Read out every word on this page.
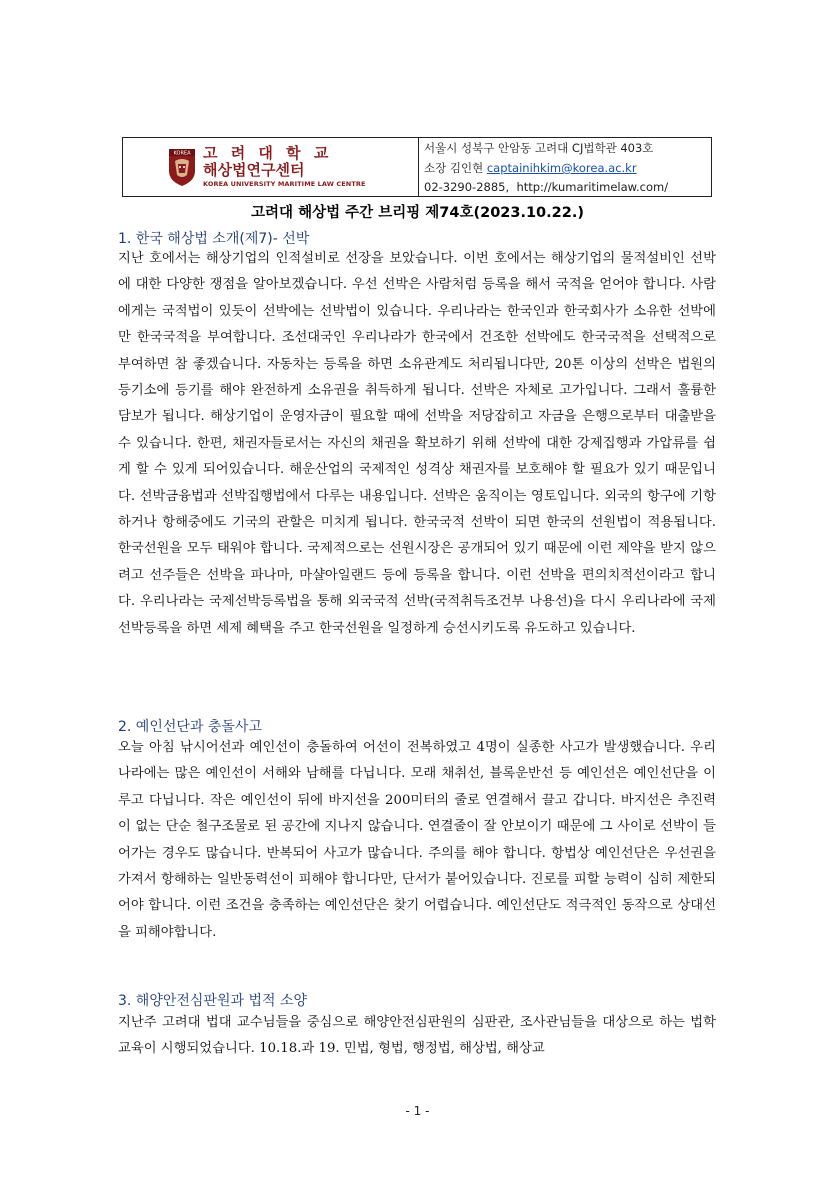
KOREA 고 려 대 학 교
해상법연구센터
KOREA UNIVERSITY MARITIME LAW CENTRE
서울시 성북구 안암동 고려대 CJ법학관 403호
소장 김인현 captainihkim@korea.ac.kr
02-3290-2885, http://kumaritimelaw.com/
고려대 해상법 주간 브리핑 제74호(2023.10.22.)
1. 한국 해상법 소개(제7)- 선박

지난 호에서는 해상기업의 인적설비로 선장을 보았습니다. 이번 호에서는 해상기업의 물적설비인 선박에 대한 다양한 쟁점을 알아보겠습니다. 우선 선박은 사람처럼 등록을 해서 국적을 얻어야 합니다. 사람에게는 국적법이 있듯이 선박에는 선박법이 있습니다. 우리나라는 한국인과 한국회사가 소유한 선박에만 한국국적을 부여합니다. 조선대국인 우리나라가 한국에서 건조한 선박에도 한국국적을 선택적으로 부여하면 참 좋겠습니다. 자동차는 등록을 하면 소유관계도 처리됩니다만, 20톤 이상의 선박은 법원의 등기소에 등기를 해야 완전하게 소유권을 취득하게 됩니다. 선박은 자체로 고가입니다. 그래서 훌륭한 담보가 됩니다. 해상기업이 운영자금이 필요할 때에 선박을 저당잡히고 자금을 은행으로부터 대출받을 수 있습니다. 한편, 채권자들로서는 자신의 채권을 확보하기 위해 선박에 대한 강제집행과 가압류를 쉽게 할 수 있게 되어있습니다. 해운산업의 국제적인 성격상 채권자를 보호해야 할 필요가 있기 때문입니다. 선박금융법과 선박집행법에서 다루는 내용입니다. 선박은 움직이는 영토입니다. 외국의 항구에 기항하거나 항해중에도 기국의 관할은 미치게 됩니다. 한국국적 선박이 되면 한국의 선원법이 적용됩니다. 한국선원을 모두 태워야 합니다. 국제적으로는 선원시장은 공개되어 있기 때문에 이런 제약을 받지 않으려고 선주들은 선박을 파나마, 마샬아일랜드 등에 등록을 합니다. 이런 선박을 편의치적선이라고 합니다. 우리나라는 국제선박등록법을 통해 외국국적 선박(국적취득조건부 나용선)을 다시 우리나라에 국제선박등록을 하면 세제 혜택을 주고 한국선원을 일정하게 승선시키도록 유도하고 있습니다.

2. 예인선단과 충돌사고

오늘 아침 낚시어선과 예인선이 충돌하여 어선이 전복하였고 4명이 실종한 사고가 발생했습니다. 우리나라에는 많은 예인선이 서해와 남해를 다닙니다. 모래 채취선, 블록운반선 등 예인선은 예인선단을 이루고 다닙니다. 작은 예인선이 뒤에 바지선을 200미터의 줄로 연결해서 끌고 갑니다. 바지선은 추진력이 없는 단순 철구조물로 된 공간에 지나지 않습니다. 연결줄이 잘 안보이기 때문에 그 사이로 선박이 들어가는 경우도 많습니다. 반복되어 사고가 많습니다. 주의를 해야 합니다. 항법상 예인선단은 우선권을 가져서 항해하는 일반동력선이 피해야 합니다만, 단서가 붙어있습니다. 진로를 피할 능력이 심히 제한되어야 합니다. 이런 조건을 충족하는 예인선단은 찾기 어렵습니다. 예인선단도 적극적인 동작으로 상대선을 피해야합니다.

3. 해양안전심판원과 법적 소양

지난주 고려대 법대 교수님들을 중심으로 해양안전심판원의 심판관, 조사관님들을 대상으로 하는 법학 교육이 시행되었습니다. 10.18.과 19. 민법, 형법, 행정법, 해상법, 해상교

- 1 -
